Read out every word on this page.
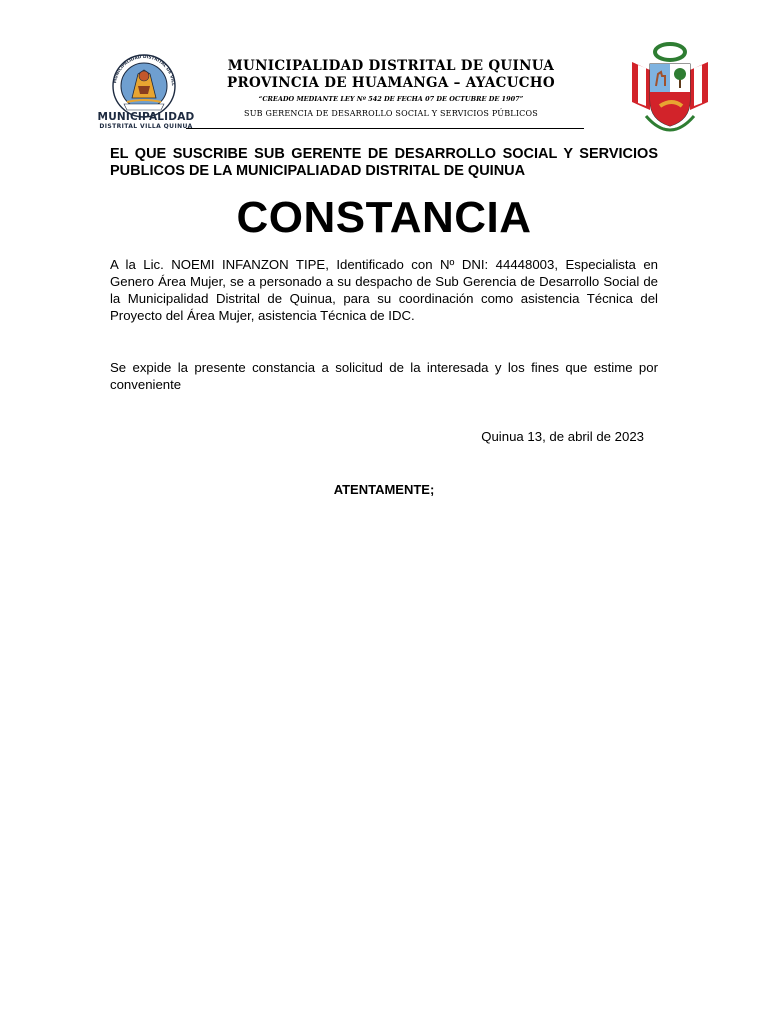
MUNICIPALIDAD DISTRITAL DE VILL
MUNICIPALIDAD
DISTRITAL VILLA QUINUA

MUNICIPALIDAD DISTRITAL DE QUINUA

PROVINCIA DE HUAMANGA – AYACUCHO

“CREADO MEDIANTE LEY Nº 542 DE FECHA 07 DE OCTUBRE DE 1907”

SUB GERENCIA DE DESARROLLO SOCIAL Y SERVICIOS PÚBLICOS

EL QUE SUSCRIBE SUB GERENTE DE DESARROLLO SOCIAL Y SERVICIOS PUBLICOS DE LA MUNICIPALIADAD DISTRITAL DE QUINUA

CONSTANCIA

A la Lic. NOEMI INFANZON TIPE, Identificado con Nº DNI: 44448003, Especialista en Genero Área Mujer, se a personado a su despacho de Sub Gerencia de Desarrollo Social de la Municipalidad Distrital de Quinua, para su coordinación como asistencia Técnica del Proyecto del Área Mujer, asistencia Técnica de IDC.

Se expide la presente constancia a solicitud de la interesada y los fines que estime por conveniente

Quinua 13, de abril de 2023

ATENTAMENTE;
